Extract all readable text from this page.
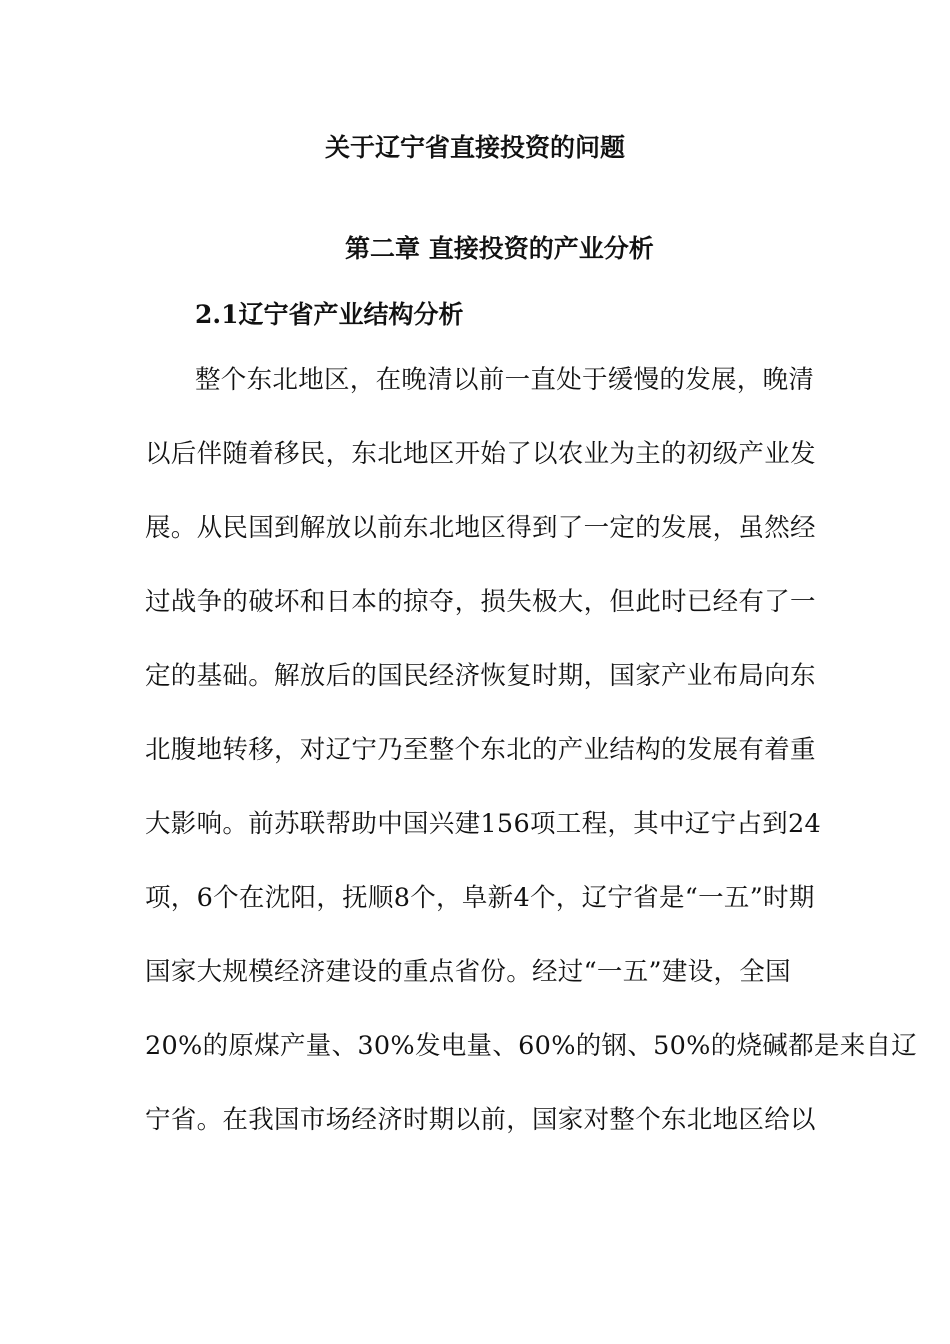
关于辽宁省直接投资的问题
第二章 直接投资的产业分析
2.1辽宁省产业结构分析
整个东北地区，在晚清以前一直处于缓慢的发展，晚清
以后伴随着移民，东北地区开始了以农业为主的初级产业发
展。从民国到解放以前东北地区得到了一定的发展，虽然经
过战争的破坏和日本的掠夺，损失极大，但此时已经有了一
定的基础。解放后的国民经济恢复时期，国家产业布局向东
北腹地转移，对辽宁乃至整个东北的产业结构的发展有着重
大影响。前苏联帮助中国兴建156项工程，其中辽宁占到24
项，6个在沈阳，抚顺8个，阜新4个，辽宁省是“一五”时期
国家大规模经济建设的重点省份。经过“一五”建设，全国
20%的原煤产量、30%发电量、60%的钢、50%的烧碱都是来自辽
宁省。在我国市场经济时期以前，国家对整个东北地区给以
